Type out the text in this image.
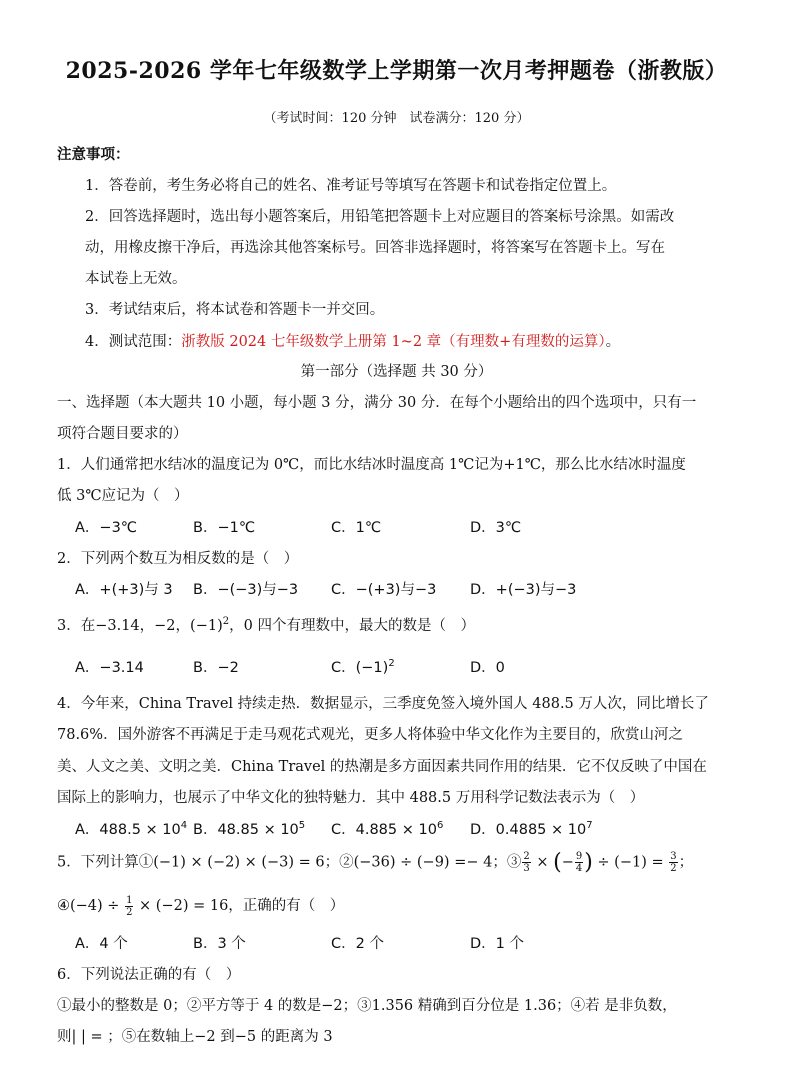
2025-2026 学年七年级数学上学期第一次月考押题卷（浙教版）
（考试时间：120 分钟　试卷满分：120 分）
注意事项：
1．答卷前，考生务必将自己的姓名、准考证号等填写在答题卡和试卷指定位置上。
2．回答选择题时，选出每小题答案后，用铅笔把答题卡上对应题目的答案标号涂黑。如需改
动，用橡皮擦干净后，再选涂其他答案标号。回答非选择题时，将答案写在答题卡上。写在
本试卷上无效。
3．考试结束后，将本试卷和答题卡一并交回。
4．测试范围：浙教版 2024 七年级数学上册第 1~2 章（有理数+有理数的运算）。
第一部分（选择题 共 30 分）
一、选择题（本大题共 10 小题，每小题 3 分，满分 30 分．在每个小题给出的四个选项中，只有一
项符合题目要求的）
1．人们通常把水结冰的温度记为 0℃，而比水结冰时温度高 1℃记为+1℃，那么比水结冰时温度
低 3℃应记为（　）
A．−3℃	B．−1℃	C．1℃	D．3℃
2．下列两个数互为相反数的是（　）
A．+(+3)与 3 B．−(−3)与−3 C．−(+3)与−3 D．+(−3)与−3
3．在−3.14，−2，$(-1)^2$，0 四个有理数中，最大的数是（　）
A．−3.14	B．−2	C．$(-1)^2$	D．0
4．今年来，China Travel 持续走热．数据显示，三季度免签入境外国人 488.5 万人次，同比增长了
78.6%．国外游客不再满足于走马观花式观光，更多人将体验中华文化作为主要目的，欣赏山河之
美、人文之美、文明之美．China Travel 的热潮是多方面因素共同作用的结果．它不仅反映了中国在
国际上的影响力，也展示了中华文化的独特魅力．其中 488.5 万用科学记数法表示为（　）
A．$488.5 \times 10^4$ B．$48.85 \times 10^5$ C．$4.885 \times 10^6$ D．$0.4885 \times 10^7$
5．下列计算①(−1) × (−2) × (−3) = 6；②(−36) ÷ (−9) =− 4；③ $\frac{2}{3}$ × (− $\frac{9}{4}$ ) ÷ $(-1) = \frac{3}{2}$ ；
④(−4) ÷ $\frac{1}{2} \times (-2) = 16$，正确的有（　）
A．4 个	B．3 个	C．2 个	D．1 个
6．下列说法正确的有（　）
①最小的整数是 0；②平方等于 4 的数是−2；③1.356 精确到百分位是 1.36；④若 是非负数，
则| | = ；⑤在数轴上−2 到−5 的距离为 3
